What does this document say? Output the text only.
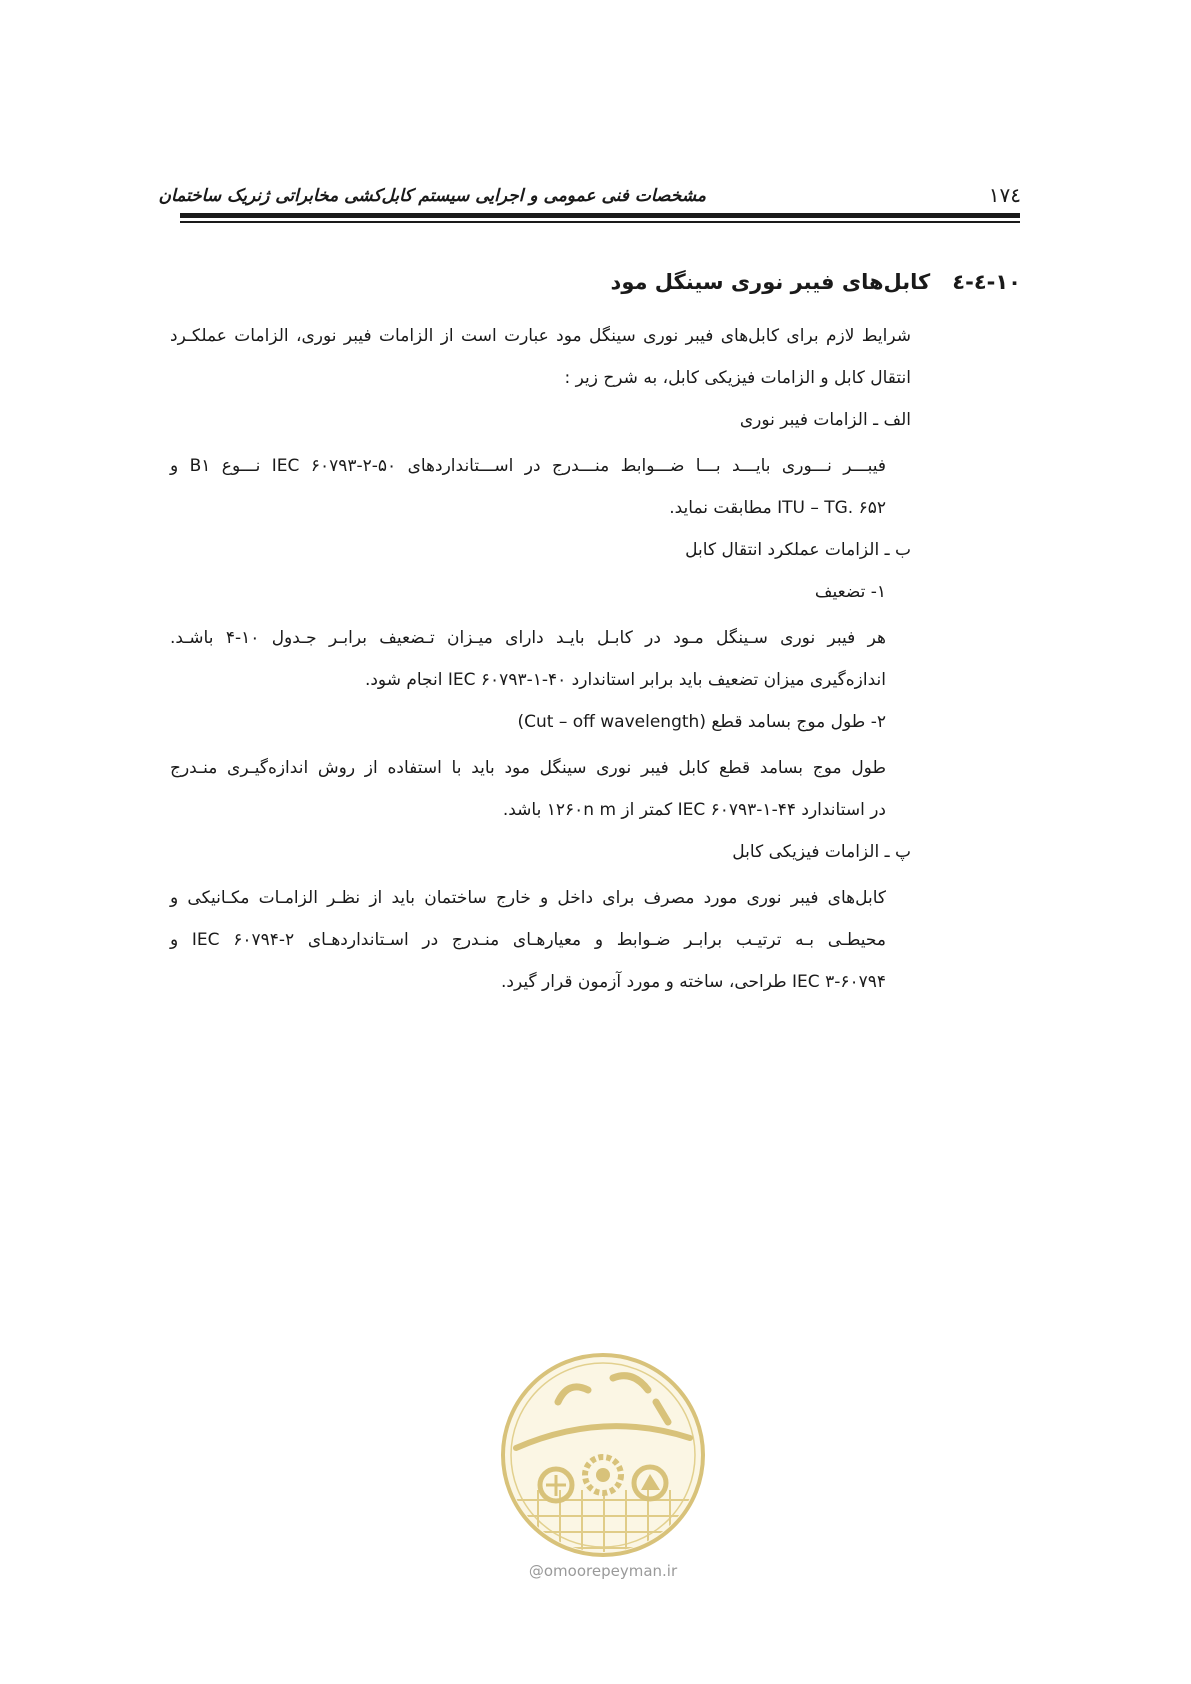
مشخصات فنی عمومی و اجرایی سیستم کابل‌کشی مخابراتی ژنریک ساختمان	۱۷٤
١٠-٤-٤کابل‌های فیبر نوری سینگل مود
شرایط لازم برای کابل‌های فیبر نوری سینگل مود عبارت است از الزامات فیبر نوری، الزامات عملکـرد
انتقال کابل و الزامات فیزیکی کابل، به شرح زیر :
الف ـ الزامات فیبر نوری
فیبـــر نـــوری بایـــد بـــا ضـــوابط منـــدرج در اســـتانداردهای ۵۰-۲-۶۰۷۹۳ IEC نـــوع B۱ و
ITU – TG. ۶۵۲ مطابقت نماید.
ب ـ الزامات عملکرد انتقال کابل
۱- تضعیف
هر فیبر نوری سـینگل مـود در کابـل بایـد دارای میـزان تـضعیف برابـر جـدول ۱۰-۴ باشـد.
اندازه‌گیری میزان تضعیف باید برابر استاندارد ۴۰-۱-۶۰۷۹۳ IEC انجام شود.
۲- طول موج بسامد قطع (Cut – off wavelength)
طول موج بسامد قطع کابل فیبر نوری سینگل مود باید با استفاده از روش اندازه‌گیـری منـدرج
در استاندارد ۴۴-۱-۶۰۷۹۳ IEC کمتر از ۱۲۶۰n m باشد.
پ ـ الزامات فیزیکی کابل
کابل‌های فیبر نوری مورد مصرف برای داخل و خارج ساختمان باید از نظـر الزامـات مکـانیکی و
محیطـی بـه ترتیـب برابـر ضـوابط و معیارهـای منـدرج در اسـتانداردهـای ۲-۶۰۷۹۴ IEC و
۳-۶۰۷۹۴ IEC طراحی، ساخته و مورد آزمون قرار گیرد.
@omoorepeyman.ir
